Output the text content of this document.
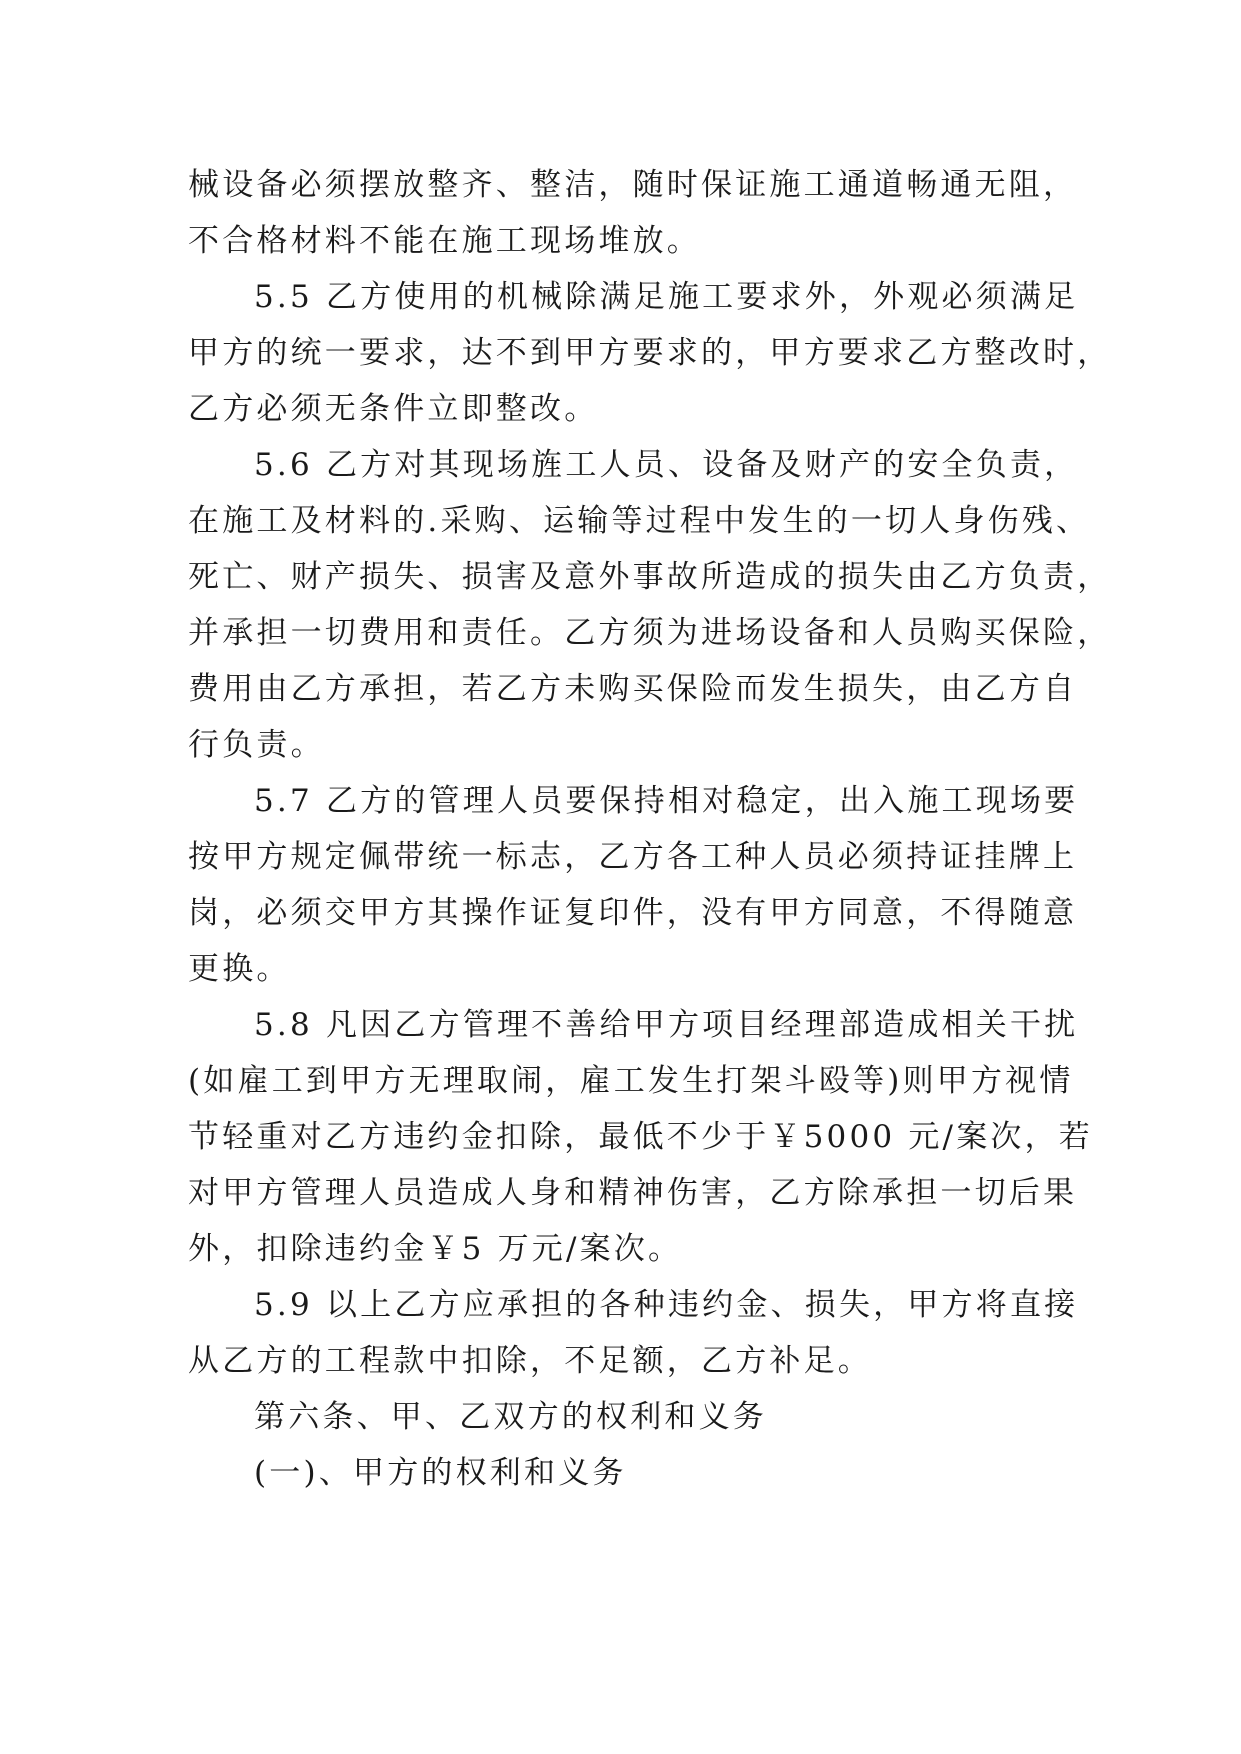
械设备必须摆放整齐、整洁，随时保证施工通道畅通无阻，
不合格材料不能在施工现场堆放。
5.5 乙方使用的机械除满足施工要求外，外观必须满足
甲方的统一要求，达不到甲方要求的，甲方要求乙方整改时，
乙方必须无条件立即整改。
5.6 乙方对其现场旌工人员、设备及财产的安全负责，
在施工及材料的.采购、运输等过程中发生的一切人身伤残、
死亡、财产损失、损害及意外事故所造成的损失由乙方负责，
并承担一切费用和责任。乙方须为进场设备和人员购买保险，
费用由乙方承担，若乙方未购买保险而发生损失，由乙方自
行负责。
5.7 乙方的管理人员要保持相对稳定，出入施工现场要
按甲方规定佩带统一标志，乙方各工种人员必须持证挂牌上
岗，必须交甲方其操作证复印件，没有甲方同意，不得随意
更换。
5.8 凡因乙方管理不善给甲方项目经理部造成相关干扰
(如雇工到甲方无理取闹，雇工发生打架斗殴等)则甲方视情
节轻重对乙方违约金扣除，最低不少于￥5000 元/案次，若
对甲方管理人员造成人身和精神伤害，乙方除承担一切后果
外，扣除违约金￥5 万元/案次。
5.9 以上乙方应承担的各种违约金、损失，甲方将直接
从乙方的工程款中扣除，不足额，乙方补足。
第六条、甲、乙双方的权利和义务
(一)、甲方的权利和义务
